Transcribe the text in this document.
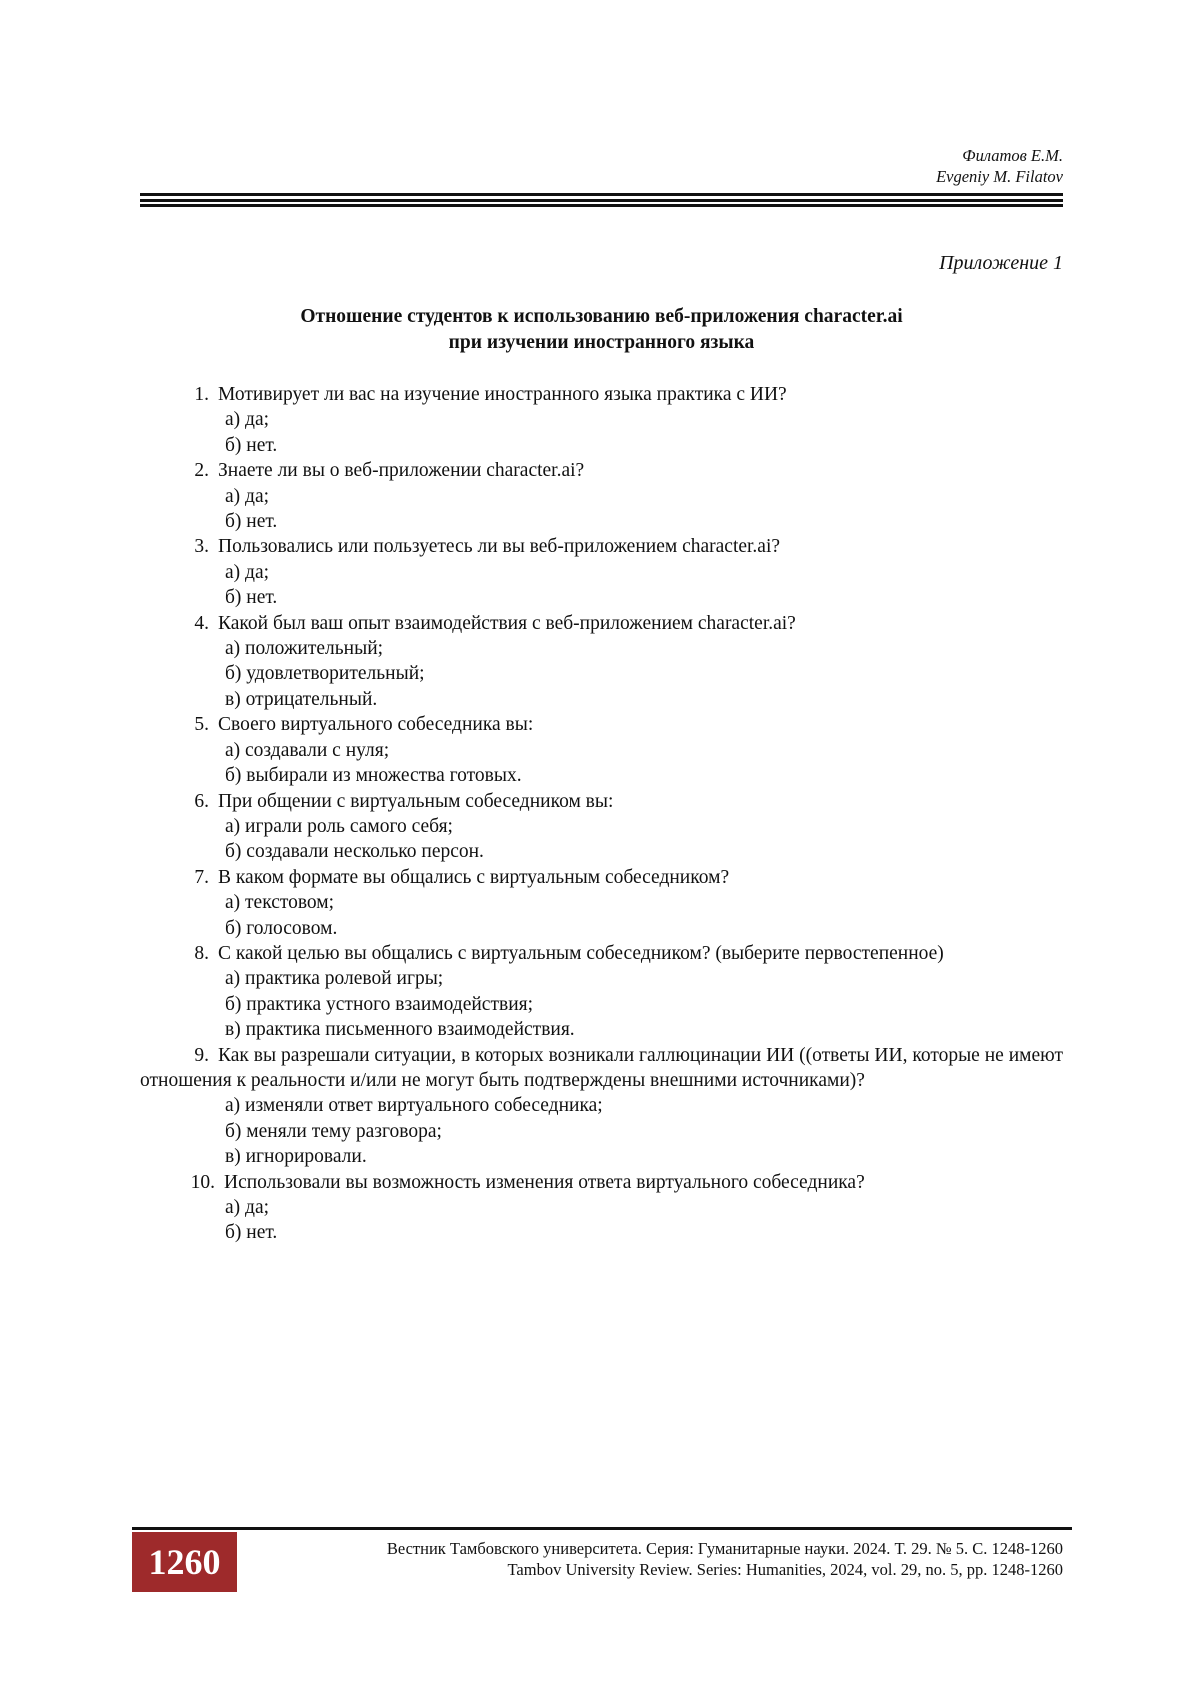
Филатов Е.М.
Evgeniy M. Filatov
Приложение 1
Отношение студентов к использованию веб-приложения character.ai
при изучении иностранного языка
1. Мотивирует ли вас на изучение иностранного языка практика с ИИ?
а) да;
б) нет.
2. Знаете ли вы о веб-приложении character.ai?
а) да;
б) нет.
3. Пользовались или пользуетесь ли вы веб-приложением character.ai?
а) да;
б) нет.
4. Какой был ваш опыт взаимодействия с веб-приложением character.ai?
а) положительный;
б) удовлетворительный;
в) отрицательный.
5. Своего виртуального собеседника вы:
а) создавали с нуля;
б) выбирали из множества готовых.
6. При общении с виртуальным собеседником вы:
а) играли роль самого себя;
б) создавали несколько персон.
7. В каком формате вы общались с виртуальным собеседником?
а) текстовом;
б) голосовом.
8. С какой целью вы общались с виртуальным собеседником? (выберите первостепенное)
а) практика ролевой игры;
б) практика устного взаимодействия;
в) практика письменного взаимодействия.
9. Как вы разрешали ситуации, в которых возникали галлюцинации ИИ ((ответы ИИ, которые не имеют отношения к реальности и/или не могут быть подтверждены внешними источниками)?
а) изменяли ответ виртуального собеседника;
б) меняли тему разговора;
в) игнорировали.
10. Использовали вы возможность изменения ответа виртуального собеседника?
а) да;
б) нет.
1260	Вестник Тамбовского университета. Серия: Гуманитарные науки. 2024. Т. 29. № 5. С. 1248-1260
Tambov University Review. Series: Humanities, 2024, vol. 29, no. 5, pp. 1248-1260
